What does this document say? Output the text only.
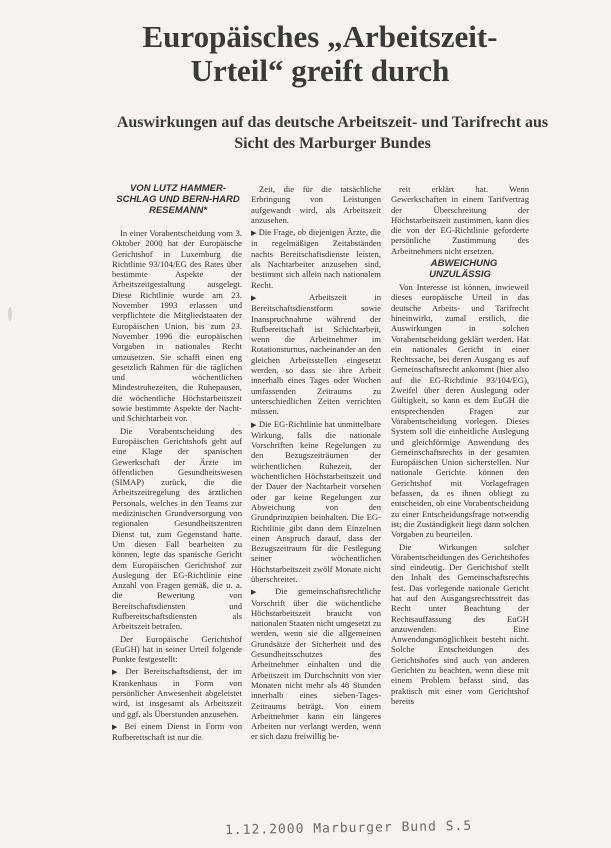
Europäisches „Arbeitszeit-
Urteil“ greift durch
Auswirkungen auf das deutsche Arbeitszeit- und Tarifrecht aus
Sicht des Marburger Bundes

VON LUTZ HAMMER-SCHLAG UND BERN-HARD RESEMANN*

In einer Vorabentscheidung vom 3. Oktober 2000 hat der Europäische Gerichtshof in Luxemburg die Richtlinie 93/104/EG des Rates über bestimmte Aspekte der Arbeitszeitgestaltung ausgelegt. Diese Richtlinie wurde am 23. November 1993 erlassen und verpflichtete die Mitgliedstaaten der Europäischen Union, bis zum 23. November 1996 die europäischen Vorgaben in nationales Recht umzusetzen. Sie schafft einen eng gesetzlich Rahmen für die täglichen und wöchentlichen Mindestruhezeiten, die Ruhepausen, die wöchentliche Höchstarbeitszeit sowie bestimmte Aspekte der Nacht- und Schichtarbeit vor.

Die Vorabentscheidung des Europäischen Gerichtshofs geht auf eine Klage der spanischen Gewerkschaft der Ärzte im öffentlichen Gesundheitswesen (SIMAP) zurück, die die Arbeitszeitregelung des ärztlichen Personals, welches in den Teams zur medizinischen Grundversorgung von regionalen Gesundheitszentren Dienst tut, zum Gegenstand hatte. Um diesen Fall bearbeiten zu können, legte das spanische Gericht dem Europäischen Gerichtshof zur Auslegung der EG-Richtlinie eine Anzahl von Fragen gemäß, die u. a. die Bewertung von Bereitschaftsdiensten und Rufbereitschaftsdiensten als Arbeitszeit betrafen.

Der Europäische Gerichtshof (EuGH) hat in seiner Urteil folgende Punkte festgestellt:

▶ Der Bereitschaftsdienst, der im Krankenhaus in Form von persönlicher Anwesenheit abgeleistet wird, ist insgesamt als Arbeitszeit und ggf. als Überstunden anzusehen.

▶ Bei einem Dienst in Form von Rufbereitschaft ist nur die

Zeit, die für die tatsächliche Erbringung von Leistungen aufgewandt wird, als Arbeitszeit anzusehen.

▶ Die Frage, ob diejenigen Ärzte, die in regelmäßigen Zeitabständen nachts Bereitschaftsdienste leisten, als Nachtarbeiter anzusehen sind, bestimmt sich allein nach nationalem Recht.

▶ Arbeitszeit in Bereitschaftsdienstform sowie Inanspruchnahme während der Rufbereitschaft ist Schichtarbeit, wenn die Arbeitnehmer im Rotationsturnus, nacheinander an den gleichen Arbeitsstellen eingesetzt werden, so dass sie ihre Arbeit innerhalb eines Tages oder Wochen umfassenden Zeitraums zu unterschiedlichen Zeiten verrichten müssen.

▶ Die EG-Richtlinie hat unmittelbare Wirkung, falls die nationale Vorschriften keine Regelungen zu den Bezugszeiträumen der wöchentlichen Ruhezeit, der wöchentlichen Höchstarbeitszeit und der Dauer der Nachtarbeit vorsehen oder gar keine Regelungen zur Abweichung von den Grundprinzipien beinhalten. Die EG-Richtlinie gibt dann dem Einzelnen einen Anspruch darauf, dass der Bezugszeitraum für die Festlegung seiner wöchentlichen Höchstarbeitszeit zwölf Monate nicht überschreitet.

▶ Die gemeinschaftsrechtliche Vorschrift über die wöchentliche Höchstarbeitszeit braucht von nationalen Staaten nicht umgesetzt zu werden, wenn sie die allgemeinen Grundsätze der Sicherheit und des Gesundheitsschutzes des Arbeitnehmer einhalten und die Arbeitszeit im Durchschnitt von vier Monaten nicht mehr als 48 Stunden innerhalb eines sieben-Tages-Zeitraums beträgt. Von einem Arbeitnehmer kann ein längeres Arbeiten nur verlangt werden, wenn er sich dazu freiwillig be-

reit erklärt hat. Wenn Gewerkschaften in einem Tarifvertrag der Überschreitung der Höchstarbeitszeit zustimmen, kann dies die von der EG-Richtlinie geforderte persönliche Zustimmung des Arbeitnehmers nicht ersetzen.

ABWEICHUNG UNZULÄSSIG

Von Interesse ist können, inwieweil dieses europäische Urteil in das deutsche Arbeits- und Tarifrecht hineinwirkt, zumal erstlich, die Auswirkungen in solchen Vorabentscheidung geklärt werden. Hat ein nationales Gericht in einer Rechtssache, bei deren Ausgang es auf Gemeinschaftsrecht ankommt (hier also auf die EG-Richtlinie 93/104/EG), Zweifel über deren Auslegung oder Gültigkeit, so kann es dem EuGH die entsprechenden Fragen zur Vorabentscheidung vorlegen. Dieses System soll die einheitliche Auslegung und gleichförmige Anwendung des Gemeinschaftsrechts in der gesamten Europäischen Union sicherstellen. Nur nationale Gerichte können den Gerichtshof mit Vorlagefragen befassen, da es ihnen obliegt zu entscheiden, ob eine Vorabentscheidung zu einer Entscheidungsfrage notwendig ist; die Zuständigkeit liegt dann solchen Vorgaben zu beurteilen.

Die Wirkungen solcher Vorabentscheidungen des Gerichtshofes sind eindeutig. Der Gerichtshof stellt den Inhalt des Gemeinschaftsrechts fest. Das vorlegende nationale Gericht hat auf den Ausgangsrechtsstreit das Recht unter Beachtung der Rechtsauffassung des EuGH anzuwenden. Eine Anwendungsmöglichkeit besteht nicht. Solche Entscheidungen des Gerichtshofes sind auch von anderen Gerichten zu beachten, wenn diese mit einem Problem befasst sind, das praktisch mit einer vom Gerichtshof bereits

1.12.2000 Marburger Bund S.5
